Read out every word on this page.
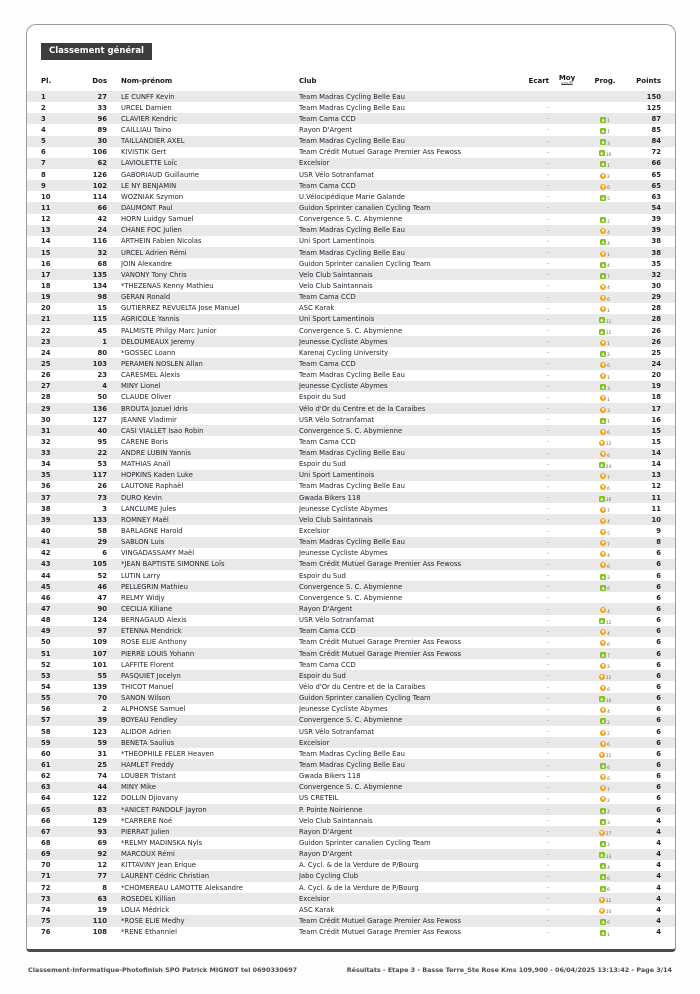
Classement général
Pl.	Dos Nom-prénom	Club	Ecart Moy
km/h	Prog.	Points
1	27 LE CUNFF Kevin	Team Madras Cycling Belle Eau	150
2	33 URCEL Damien	Team Madras Cycling Belle Eau	-	125
3	96 CLAVIER Kendric	Team Cama CCD	-	▲ 1	87
4	89 CAILLIAU Taino	Rayon D'Argent	-	▲ 1	85
5	30 TAILLANDIER AXEL	Team Madras Cycling Belle Eau	-	▲ 3	84
6	106 KIVISTIK Gert	Team Crédit Mutuel Garage Premier Ass Fewoss	-	▲ 10	72
7	62 LAVIOLETTE Loïc	Excelsior	-	▲ 1	66
8	126 GABORIAUD Guillaume	USR Vélo Sotranfamat	-	▼ 2	65
9	102 LE NY BENJAMIN	Team Cama CCD	-	▼ 6	65
10	114 WOZNIAK Szymon	U.Vélocipédique Marie Galande	-	▲ 5	63
11	66 DAUMONT Paul	Guidon Sprinter canalien Cycling Team	-	54
12	42 HORN Luidgy Samuel	Convergence S. C. Abymienne	-	▲ 2	39
13	24 CHANE FOC Julien	Team Madras Cycling Belle Eau	-	▼ 4	39
14	116 ARTHEIN Fabien Nicolas	Uni Sport Lamentinois	-	▲ 4	38
15	32 URCEL Adrien Rémi	Team Madras Cycling Belle Eau	-	▼ 1	38
16	68 JOIN Alexandre	Guidon Sprinter canalien Cycling Team	-	▲ 4	35
17	135 VANONY Tony Chris	Velo Club Saintannais	-	▲ 7	32
18	134 *THEZENAS Kenny Mathieu	Velo Club Saintannais	-	▼ 4	30
19	98 GERAN Ronald	Team Cama CCD	-	▼ 6	29
20	15 GUTIERREZ REVUELTA Jose Manuel	ASC Karak	-	▼ 1	28
21	115 AGRICOLE Yannis	Uni Sport Lamentinois	-	▲ 11	28
22	45 PALMISTE Philgy Marc Junior	Convergence S. C. Abymienne	-	▲ 11	26
23	1 DELOUMEAUX Jeremy	Jeunesse Cycliste Abymes	-	▼ 1	26
24	80 *GOSSEC Loann	Karenaj Cycling University	-	▲ 2	25
25	103 PERAMEN NOSLEN Allan	Team Cama CCD	-	▼ 6	24
26	23 CARESMEL Alexis	Team Madras Cycling Belle Eau	-	▼ 1	20
27	4 MINY Lionel	Jeunesse Cycliste Abymes	-	▲ 3	19
28	50 CLAUDE Oliver	Espoir du Sud	-	▼ 1	18
29	136 BROUTA Jozuel idris	Vélo d'Or du Centre et de la Caraibes	-	▼ 3	17
30	127 JEANNE Vladimir	USR Vélo Sotranfamat	-	▲ 1	16
31	40 CASI VIALLET Isao Robin	Convergence S. C. Abymienne	-	▼ 6	15
32	95 CARENE Boris	Team Cama CCD	-	▼ 12	15
33	22 ANDRE LUBIN Yannis	Team Madras Cycling Belle Eau	-	▼ 6	14
34	53 MATHIAS Anaïl	Espoir du Sud	-	▲ 24	14
35	117 HOPKINS Kaden Luke	Uni Sport Lamentinois	-	▼ 7	13
36	26 LAUTONE Raphaël	Team Madras Cycling Belle Eau	-	▼ 6	12
37	73 DURO Kevin	Gwada Bikers 118	-	▲ 16	11
38	3 LANCLUME Jules	Jeunesse Cycliste Abymes	-	▼ 7	11
39	133 ROMNEY Maël	Velo Club Saintannais	-	▼ 4	10
40	58 BARLAGNE Harold	Excelsior	-	▼ 5	9
41	29 SABLON Luis	Team Madras Cycling Belle Eau	-	▼ 7	8
42	6 VINGADASSAMY Maël	Jeunesse Cycliste Abymes	-	▼ 4	6
43	105 *JEAN BAPTISTE SIMONNE Loïs	Team Crédit Mutuel Garage Premier Ass Fewoss	-	▼ 6	6
44	52 LUTIN Larry	Espoir du Sud	-	▲ 2	6
45	46 PELLEGRIN Mathieu	Convergence S. C. Abymienne	-	▲ 6	6
46	47 RELMY Widjy	Convergence S. C. Abymienne	-	6
47	90 CECILIA Kiliane	Rayon D'Argent	-	▼ 4	6
48	124 BERNAGAUD Alexis	USR Vélo Sotranfamat	-	▲ 12	6
49	97 ETENNA Mendrick	Team Cama CCD	-	▼ 4	6
50	109 ROSE ELIE Anthony	Team Crédit Mutuel Garage Premier Ass Fewoss	-	▼ 6	6
51	107 PIERRE LOUIS Yohann	Team Crédit Mutuel Garage Premier Ass Fewoss	-	▲ 7	6
52	101 LAFFITE Florent	Team Cama CCD	-	▼ 2	6
53	55 PASQUIET Jocelyn	Espoir du Sud	-	▼ 12	6
54	139 THICOT Manuel	Vélo d'Or du Centre et de la Caraibes	-	▼ 6	6
55	70 SANON Wilson	Guidon Sprinter canalien Cycling Team	-	▲ 10	6
56	2 ALPHONSE Samuel	Jeunesse Cycliste Abymes	-	▼ 4	6
57	39 BOYEAU Fendley	Convergence S. C. Abymienne	-	▲ 2	6
58	123 ALIDOR Adrien	USR Vélo Sotranfamat	-	▼ 2	6
59	59 BENETA Saulius	Excelsior	-	▼ 6	6
60	31 *THEOPHILE FELER Heaven	Team Madras Cycling Belle Eau	-	▼ 11	6
61	25 HAMLET Freddy	Team Madras Cycling Belle Eau	-	▲ 6	6
62	74 LOUBER Tristant	Gwada Bikers 118	-	▼ 6	6
63	44 MINY Mike	Convergence S. C. Abymienne	-	▼ 7	6
64	122 DOLLIN Djiovany	US CRETEIL	-	▼ 2	6
65	83 *ANICET PANDOLF Jayron	P. Pointe Noirienne	-	▲ 2	6
66	129 *CARRERE Noé	Velo Club Saintannais	-	▲ 3	4
67	93 PIERRAT Julien	Rayon D'Argent	-	▼ 27	4
68	69 *RELMY MADINSKA Nyls	Guidon Sprinter canalien Cycling Team	-	▲ 2	4
69	92 MARCOUX Rémi	Rayon D'Argent	-	▲ 13	4
70	12 KITTAVINY Jean Erique	A. Cycl. & de la Verdure de P/Bourg	-	▲ 4	4
71	77 LAURENT Cédric Christian	Jabo Cycling Club	-	▲ 6	4
72	8 *CHOMEREAU LAMOTTE Aleksandre	A. Cycl. & de la Verdure de P/Bourg	-	▲ 6	4
73	63 ROSEDEL Killian	Excelsior	-	▼ 12	4
74	19 LOLIA Médrick	ASC Karak	-	▼ 10	4
75	110 *ROSE ELIE Medhy	Team Crédit Mutuel Garage Premier Ass Fewoss	-	▲ 6	4
76	108 *RENE Ethanniel	Team Crédit Mutuel Garage Premier Ass Fewoss	-	▲ 1	4
Classement-Informatique-Photofinish SPO Patrick MIGNOT tel 0690330697	Résultats - Etape 3 - Basse Terre_Ste Rose Kms 109,900 - 06/04/2025 13:13:42 - Page 3/14
